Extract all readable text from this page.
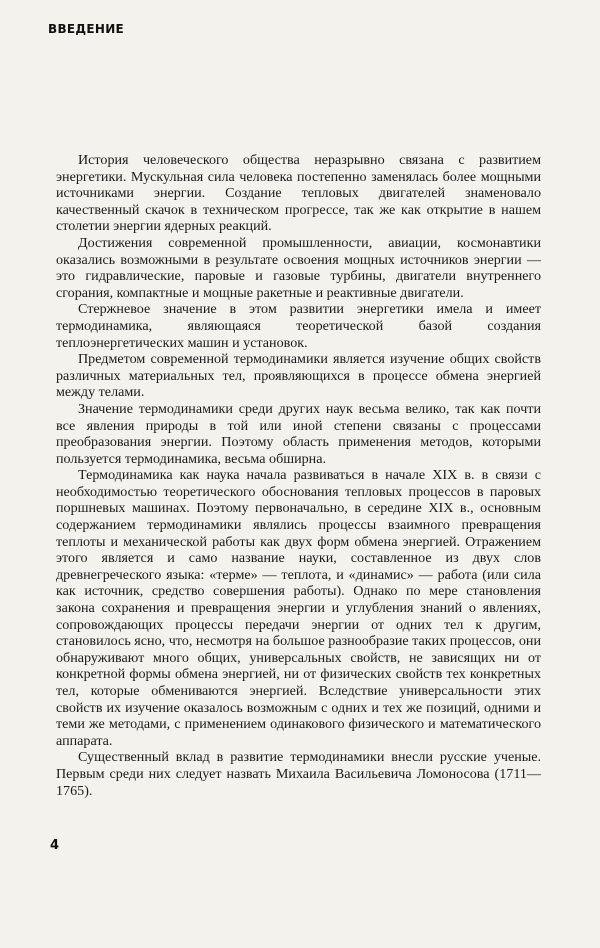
ВВЕДЕНИЕ

История человеческого общества неразрывно связана с развитием энергетики. Мускульная сила человека постепенно заменялась более мощными источниками энергии. Создание тепловых двигателей знаменовало качественный скачок в техническом прогрессе, так же как открытие в нашем столетии энергии ядерных реакций.

Достижения современной промышленности, авиации, космонавтики оказались возможными в результате освоения мощных источников энергии — это гидравлические, паровые и газовые турбины, двигатели внутреннего сгорания, компактные и мощные ракетные и реактивные двигатели.

Стержневое значение в этом развитии энергетики имела и имеет термодинамика, являющаяся теоретической базой создания теплоэнергетических машин и установок.

Предметом современной термодинамики является изучение общих свойств различных материальных тел, проявляющихся в процессе обмена энергией между телами.

Значение термодинамики среди других наук весьма велико, так как почти все явления природы в той или иной степени связаны с процессами преобразования энергии. Поэтому область применения методов, которыми пользуется термодинамика, весьма обширна.

Термодинамика как наука начала развиваться в начале XIX в. в связи с необходимостью теоретического обоснования тепловых процессов в паровых поршневых машинах. Поэтому первоначально, в середине XIX в., основным содержанием термодинамики являлись процессы взаимного превращения теплоты и механической работы как двух форм обмена энергией. Отражением этого является и само название науки, составленное из двух слов древнегреческого языка: «терме» — теплота, и «динамис» — работа (или сила как источник, средство совершения работы). Однако по мере становления закона сохранения и превращения энергии и углубления знаний о явлениях, сопровождающих процессы передачи энергии от одних тел к другим, становилось ясно, что, несмотря на большое разнообразие таких процессов, они обнаруживают много общих, универсальных свойств, не зависящих ни от конкретной формы обмена энергией, ни от физических свойств тех конкретных тел, которые обмениваются энергией. Вследствие универсальности этих свойств их изучение оказалось возможным с одних и тех же позиций, одними и теми же методами, с применением одинакового физического и математического аппарата.

Существенный вклад в развитие термодинамики внесли русские ученые. Первым среди них следует назвать Михаила Васильевича Ломоносова (1711—1765).

4
